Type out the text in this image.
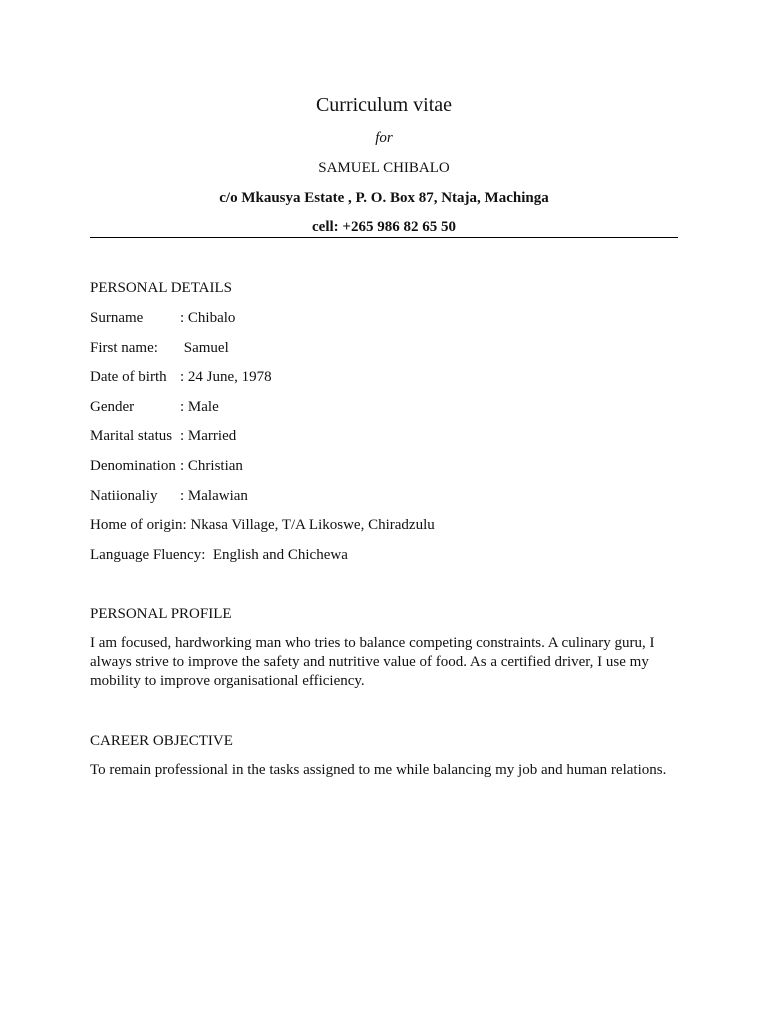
Curriculum vitae
for
SAMUEL CHIBALO
c/o Mkausya Estate , P. O. Box 87, Ntaja, Machinga
cell: +265 986 82 65 50
PERSONAL DETAILS
Surname : Chibalo
First name: Samuel
Date of birth : 24 June, 1978
Gender	: Male
Marital status : Married
Denomination : Christian
Natiionaliy : Malawian
Home of origin: Nkasa Village, T/A Likoswe, Chiradzulu
Language Fluency:  English and Chichewa
PERSONAL PROFILE
I am focused, hardworking man who tries to balance competing constraints. A culinary guru, I always strive to improve the safety and nutritive value of food. As a certified driver, I use my mobility to improve organisational efficiency.
CAREER OBJECTIVE
To remain professional in the tasks assigned to me while balancing my job and human relations.
